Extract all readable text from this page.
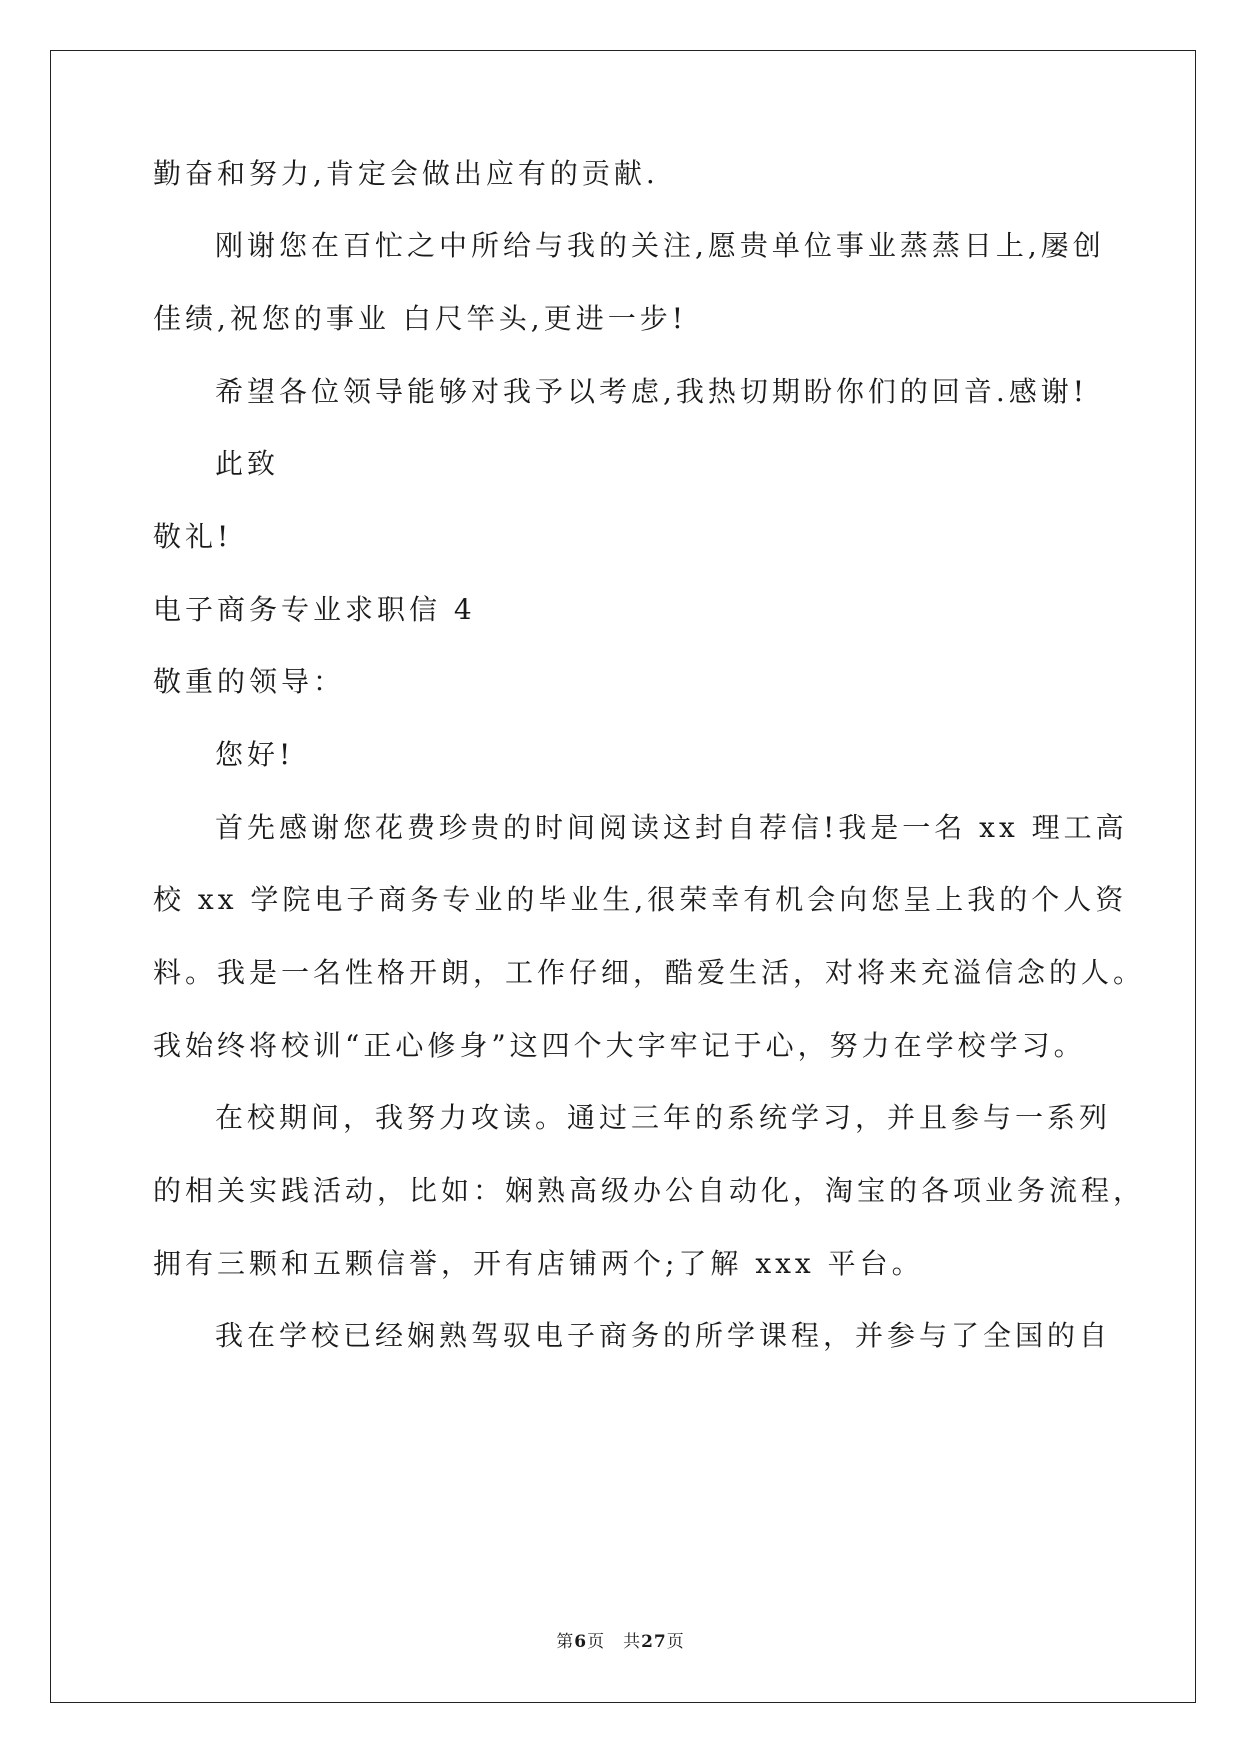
勤奋和努力,肯定会做出应有的贡献.

刚谢您在百忙之中所给与我的关注,愿贵单位事业蒸蒸日上,屡创

佳绩,祝您的事业 白尺竿头,更进一步!

希望各位领导能够对我予以考虑,我热切期盼你们的回音.感谢!

此致

敬礼!

电子商务专业求职信 4

敬重的领导：

您好!

首先感谢您花费珍贵的时间阅读这封自荐信!我是一名 xx 理工高

校 xx 学院电子商务专业的毕业生,很荣幸有机会向您呈上我的个人资

料。我是一名性格开朗，工作仔细，酷爱生活，对将来充溢信念的人。

我始终将校训“正心修身”这四个大字牢记于心，努力在学校学习。

在校期间，我努力攻读。通过三年的系统学习，并且参与一系列

的相关实践活动，比如：娴熟高级办公自动化，淘宝的各项业务流程，

拥有三颗和五颗信誉，开有店铺两个;了解 xxx 平台。

我在学校已经娴熟驾驭电子商务的所学课程，并参与了全国的自

第6页 共27页
